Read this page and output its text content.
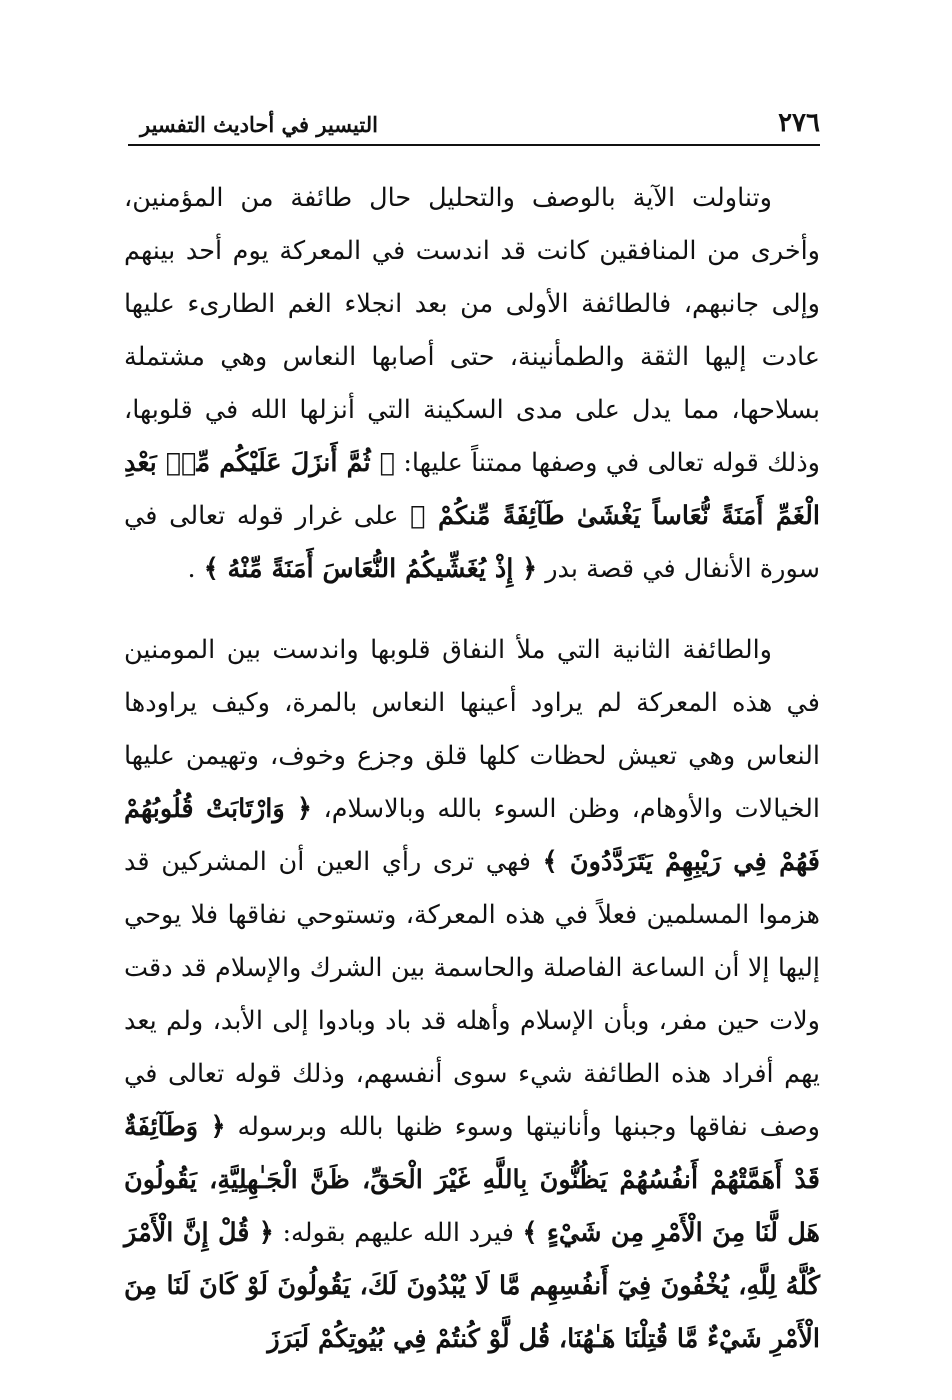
٢٧٦
التيسير في أحاديث التفسير

وتناولت الآية بالوصف والتحليل حال طائفة من المؤمنين، وأخرى من المنافقين كانت قد اندست في المعركة يوم أحد بينهم وإلى جانبهم، فالطائفة الأولى من بعد انجلاء الغم الطارىء عليها عادت إليها الثقة والطمأنينة، حتى أصابها النعاس وهي مشتملة بسلاحها، مما يدل على مدى السكينة التي أنزلها الله في قلوبها، وذلك قوله تعالى في وصفها ممتناً عليها: ﴿ ثُمَّ أَنزَلَ عَلَيْكُم مِّنۢ بَعْدِ الْغَمِّ أَمَنَةً نُّعَاساً يَغْشَىٰ طَآئِفَةً مِّنكُمْ ﴾ على غرار قوله تعالى في سورة الأنفال في قصة بدر ﴿ إِذْ يُغَشِّيكُمُ النُّعَاسَ أَمَنَةً مِّنْهُ ﴾ .

والطائفة الثانية التي ملأ النفاق قلوبها واندست بين المومنين في هذه المعركة لم يراود أعينها النعاس بالمرة، وكيف يراودها النعاس وهي تعيش لحظات كلها قلق وجزع وخوف، وتهيمن عليها الخيالات والأوهام، وظن السوء بالله وبالاسلام، ﴿ وَارْتَابَتْ قُلُوبُهُمْ فَهُمْ فِي رَيْبِهِمْ يَتَرَدَّدُونَ ﴾ فهي ترى رأي العين أن المشركين قد هزموا المسلمين فعلاً في هذه المعركة، وتستوحي نفاقها فلا يوحي إليها إلا أن الساعة الفاصلة والحاسمة بين الشرك والإسلام قد دقت ولات حين مفر، وبأن الإسلام وأهله قد باد وبادوا إلى الأبد، ولم يعد يهم أفراد هذه الطائفة شيء سوى أنفسهم، وذلك قوله تعالى في وصف نفاقها وجبنها وأنانيتها وسوء ظنها بالله وبرسوله ﴿ وَطَآئِفَةٌ قَدْ أَهَمَّتْهُمْ أَنفُسُهُمْ يَظُنُّونَ بِاللَّهِ غَيْرَ الْحَقِّ، ظَنَّ الْجَـٰهِلِيَّةِ، يَقُولُونَ هَل لَّنَا مِنَ الْأَمْرِ مِن شَيْءٍ ﴾ فيرد الله عليهم بقوله: ﴿ قُلْ إِنَّ الْأَمْرَ كُلَّهُ لِلَّهِ، يُخْفُونَ فِيٓ أَنفُسِهِم مَّا لَا يُبْدُونَ لَكَ، يَقُولُونَ لَوْ كَانَ لَنَا مِنَ الْأَمْرِ شَيْءٌ مَّا قُتِلْنَا هَـٰهُنَا، قُل لَّوْ كُنتُمْ فِي بُيُوتِكُمْ لَبَرَزَ
